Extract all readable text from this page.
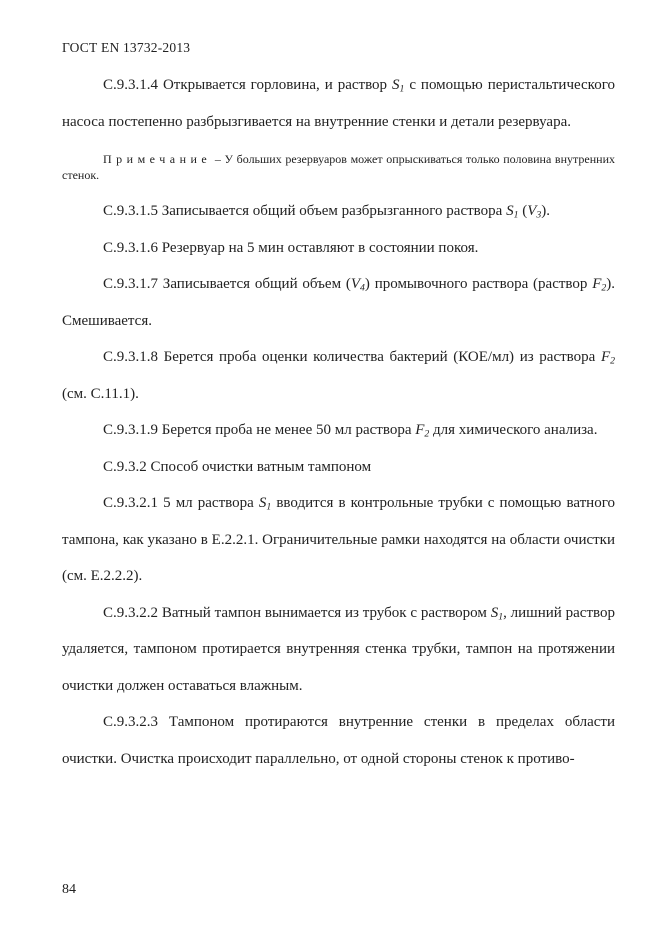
ГОСТ EN 13732-2013

С.9.3.1.4 Открывается горловина, и раствор $S_1$ с помощью перистальтического насоса постепенно разбрызгивается на внутренние стенки и детали резервуара.

Примечание – У больших резервуаров может опрыскиваться только половина внутренних стенок.

С.9.3.1.5 Записывается общий объем разбрызганного раствора $S_1$ $(V_3)$.

С.9.3.1.6 Резервуар на 5 мин оставляют в состоянии покоя.

С.9.3.1.7 Записывается общий объем $(V_4)$ промывочного раствора (раствор $F_2$). Смешивается.

С.9.3.1.8 Берется проба оценки количества бактерий (КОЕ/мл) из раствора $F_2$ (см. С.11.1).

С.9.3.1.9 Берется проба не менее 50 мл раствора $F_2$ для химического анализа.

С.9.3.2 Способ очистки ватным тампоном

С.9.3.2.1 5 мл раствора $S_1$ вводится в контрольные трубки с помощью ватного тампона, как указано в Е.2.2.1. Ограничительные рамки находятся на области очистки (см. Е.2.2.2).

С.9.3.2.2 Ватный тампон вынимается из трубок с раствором $S_1$, лишний раствор удаляется, тампоном протирается внутренняя стенка трубки, тампон на протяжении очистки должен оставаться влажным.

С.9.3.2.3 Тампоном протираются внутренние стенки в пределах области очистки. Очистка происходит параллельно, от одной стороны стенок к противо-

84
